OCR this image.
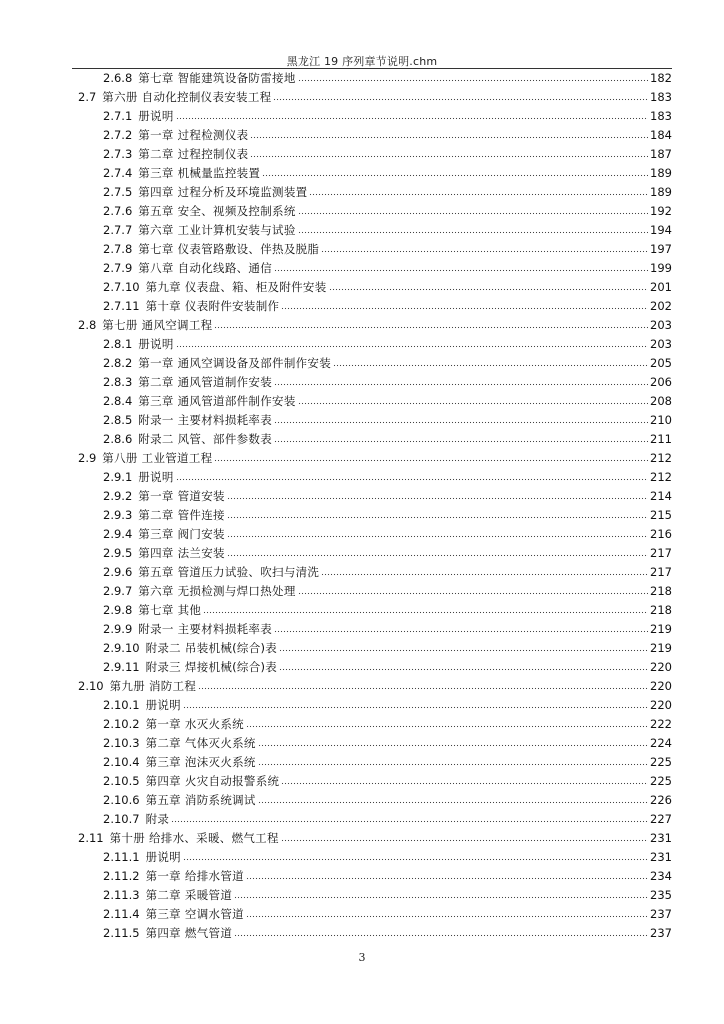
黑龙江 19 序列章节说明.chm
2.6.8 第七章 智能建筑设备防雷接地	182
2.7 第六册 自动化控制仪表安装工程	183
2.7.1 册说明	183
2.7.2 第一章 过程检测仪表	184
2.7.3 第二章 过程控制仪表	187
2.7.4 第三章 机械量监控装置	189
2.7.5 第四章 过程分析及环境监测装置	189
2.7.6 第五章 安全、视频及控制系统	192
2.7.7 第六章 工业计算机安装与试验	194
2.7.8 第七章 仪表管路敷设、伴热及脱脂	197
2.7.9 第八章 自动化线路、通信	199
2.7.10 第九章 仪表盘、箱、柜及附件安装	201
2.7.11 第十章 仪表附件安装制作	202
2.8 第七册 通风空调工程	203
2.8.1 册说明	203
2.8.2 第一章 通风空调设备及部件制作安装	205
2.8.3 第二章 通风管道制作安装	206
2.8.4 第三章 通风管道部件制作安装	208
2.8.5 附录一 主要材料损耗率表	210
2.8.6 附录二 风管、部件参数表	211
2.9 第八册 工业管道工程	212
2.9.1 册说明	212
2.9.2 第一章 管道安装	214
2.9.3 第二章 管件连接	215
2.9.4 第三章 阀门安装	216
2.9.5 第四章 法兰安装	217
2.9.6 第五章 管道压力试验、吹扫与清洗	217
2.9.7 第六章 无损检测与焊口热处理	218
2.9.8 第七章 其他	218
2.9.9 附录一 主要材料损耗率表	219
2.9.10 附录二 吊装机械(综合)表	219
2.9.11 附录三 焊接机械(综合)表	220
2.10 第九册 消防工程	220
2.10.1 册说明	220
2.10.2 第一章 水灭火系统	222
2.10.3 第二章 气体灭火系统	224
2.10.4 第三章 泡沫灭火系统	225
2.10.5 第四章 火灾自动报警系统	225
2.10.6 第五章 消防系统调试	226
2.10.7 附录	227
2.11 第十册 给排水、采暖、燃气工程	231
2.11.1 册说明	231
2.11.2 第一章 给排水管道	234
2.11.3 第二章 采暖管道	235
2.11.4 第三章 空调水管道	237
2.11.5 第四章 燃气管道	237
3
